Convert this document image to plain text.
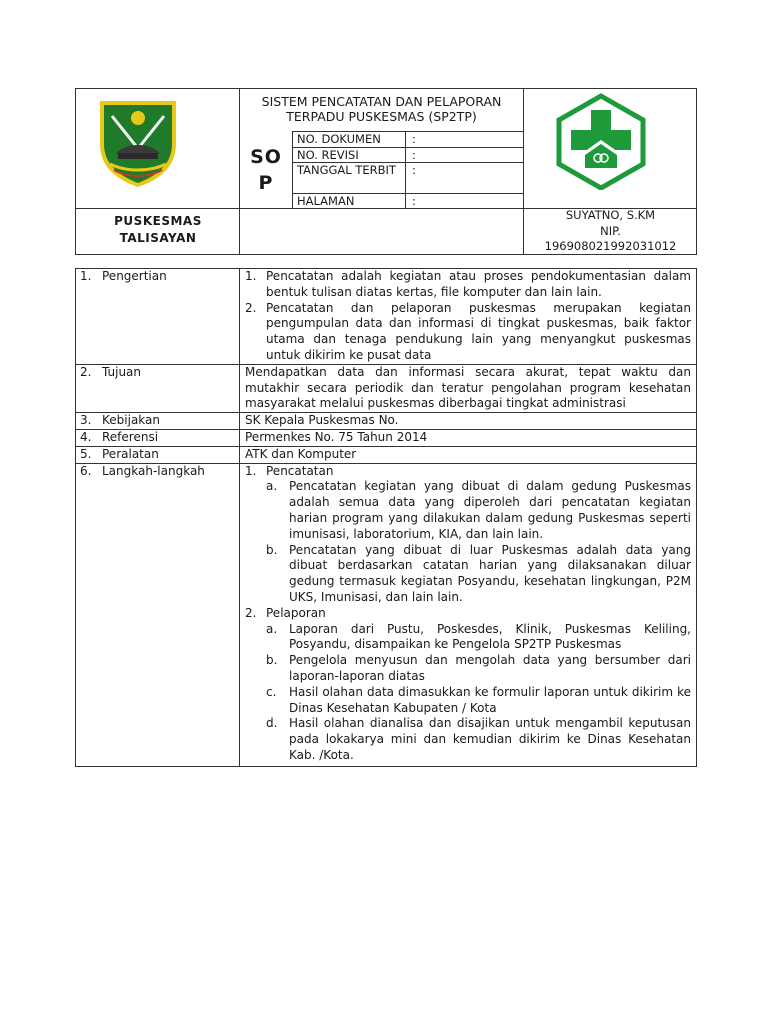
SISTEM PENCATATAN DAN PELAPORAN TERPADU PUSKESMAS (SP2TP)
SO P
NO. DOKUMEN	:
NO. REVISI	:
TANGGAL TERBIT :
HALAMAN	:
PUSKESMAS TALISAYAN
SUYATNO, S.KM
NIP.
196908021992031012
1. Pengertian	1. Pencatatan adalah kegiatan atau proses pendokumentasian dalam bentuk tulisan diatas kertas, file komputer dan lain lain.
2. Pencatatan dan pelaporan puskesmas merupakan kegiatan pengumpulan data dan informasi di tingkat puskesmas, baik faktor utama dan tenaga pendukung lain yang menyangkut puskesmas untuk dikirim ke pusat data
2. Tujuan	Mendapatkan data dan informasi secara akurat, tepat waktu dan mutakhir secara periodik dan teratur pengolahan program kesehatan masyarakat melalui puskesmas diberbagai tingkat administrasi
3. Kebijakan	SK Kepala Puskesmas No.
4. Referensi	Permenkes No. 75 Tahun 2014
5. Peralatan	ATK dan Komputer
6. Langkah-langkah	1. Pencatatan
a. Pencatatan kegiatan yang dibuat di dalam gedung Puskesmas adalah semua data yang diperoleh dari pencatatan kegiatan harian program yang dilakukan dalam gedung Puskesmas seperti imunisasi, laboratorium, KIA, dan lain lain.
b. Pencatatan yang dibuat di luar Puskesmas adalah data yang dibuat berdasarkan catatan harian yang dilaksanakan diluar gedung termasuk kegiatan Posyandu, kesehatan lingkungan, P2M UKS, Imunisasi, dan lain lain.
2. Pelaporan
a. Laporan dari Pustu, Poskesdes, Klinik, Puskesmas Keliling, Posyandu, disampaikan ke Pengelola SP2TP Puskesmas
b. Pengelola menyusun dan mengolah data yang bersumber dari laporan-laporan diatas
c.	Hasil olahan data dimasukkan ke formulir laporan untuk dikirim ke Dinas Kesehatan Kabupaten / Kota
d. Hasil olahan dianalisa dan disajikan untuk mengambil keputusan pada lokakarya mini dan kemudian dikirim ke Dinas Kesehatan Kab. /Kota.
